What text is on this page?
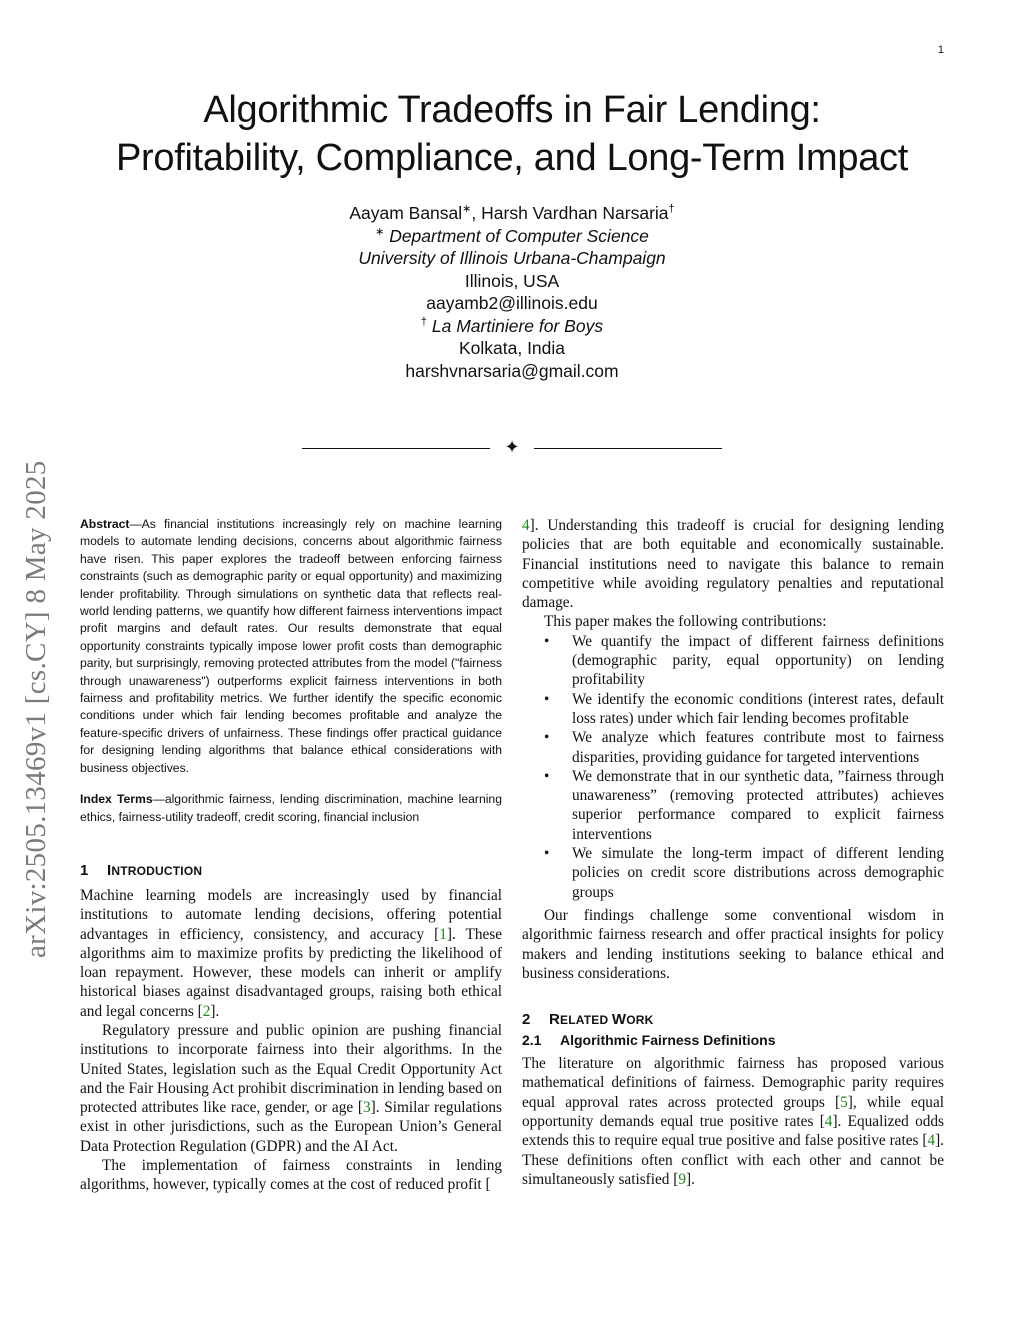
1
Algorithmic Tradeoffs in Fair Lending:
Profitability, Compliance, and Long-Term Impact
Aayam Bansal∗, Harsh Vardhan Narsaria†
∗ Department of Computer Science
University of Illinois Urbana-Champaign
Illinois, USA
aayamb2@illinois.edu
† La Martiniere for Boys
Kolkata, India
harshvnarsaria@gmail.com
✦
arXiv:2505.13469v1 [cs.CY] 8 May 2025 Abstract—As financial institutions increasingly rely on machine learning models to automate lending decisions, concerns about algorithmic fairness have risen. This paper explores the tradeoff between enforcing fairness constraints (such as demographic parity or equal opportunity) and maximizing lender profitability. Through simulations on synthetic data that reflects real-world lending patterns, we quantify how different fairness interventions impact profit margins and default rates. Our results demonstrate that equal opportunity constraints typically impose lower profit costs than demographic parity, but surprisingly, removing protected attributes from the model ("fairness through unawareness") outperforms explicit fairness interventions in both fairness and profitability metrics. We further identify the specific economic conditions under which fair lending becomes profitable and analyze the feature-specific drivers of unfairness. These findings offer practical guidance for designing lending algorithms that balance ethical considerations with business objectives.

Index Terms—algorithmic fairness, lending discrimination, machine learning ethics, fairness-utility tradeoff, credit scoring, financial inclusion

1 INTRODUCTION

Machine learning models are increasingly used by financial institutions to automate lending decisions, offering potential advantages in efficiency, consistency, and accuracy [1]. These algorithms aim to maximize profits by predicting the likelihood of loan repayment. However, these models can inherit or amplify historical biases against disadvantaged groups, raising both ethical and legal concerns [2].

Regulatory pressure and public opinion are pushing financial institutions to incorporate fairness into their algorithms. In the United States, legislation such as the Equal Credit Opportunity Act and the Fair Housing Act prohibit discrimination in lending based on protected attributes like race, gender, or age [3]. Similar regulations exist in other jurisdictions, such as the European Union’s General Data Protection Regulation (GDPR) and the AI Act.

The implementation of fairness constraints in lending algorithms, however, typically comes at the cost of reduced profit [

4]. Understanding this tradeoff is crucial for designing lending policies that are both equitable and economically sustainable. Financial institutions need to navigate this balance to remain competitive while avoiding regulatory penalties and reputational damage.

This paper makes the following contributions:

• We quantify the impact of different fairness definitions (demographic parity, equal opportunity) on lending profitability
• We identify the economic conditions (interest rates, default loss rates) under which fair lending becomes profitable
• We analyze which features contribute most to fairness disparities, providing guidance for targeted interventions
• We demonstrate that in our synthetic data, ”fairness through unawareness” (removing protected attributes) achieves superior performance compared to explicit fairness interventions
• We simulate the long-term impact of different lending policies on credit score distributions across demographic groups

Our findings challenge some conventional wisdom in algorithmic fairness research and offer practical insights for policy makers and lending institutions seeking to balance ethical and business considerations.

2 RELATED WORK
2.1 Algorithmic Fairness Definitions

The literature on algorithmic fairness has proposed various mathematical definitions of fairness. Demographic parity requires equal approval rates across protected groups [5], while equal opportunity demands equal true positive rates [4]. Equalized odds extends this to require equal true positive and false positive rates [4]. These definitions often conflict with each other and cannot be simultaneously satisfied [9].
